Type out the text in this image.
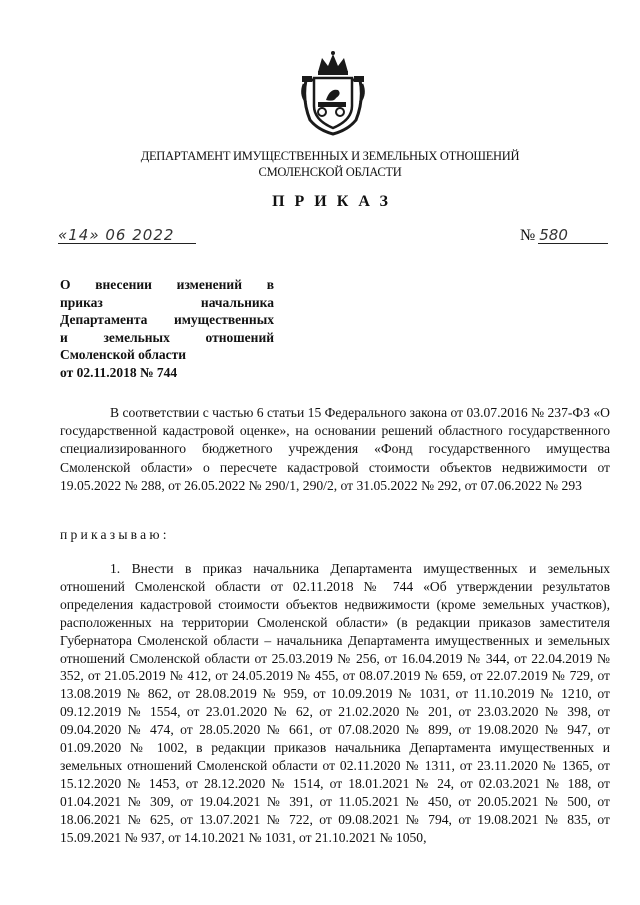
ДЕПАРТАМЕНТ ИМУЩЕСТВЕННЫХ И ЗЕМЕЛЬНЫХ ОТНОШЕНИЙ
СМОЛЕНСКОЙ ОБЛАСТИ
ПРИКАЗ
«14» 06 2022	№ 580
О внесении изменений в
приказ начальника
Департамента имущественных
и земельных отношений
Смоленской области
от 02.11.2018 № 744
В соответствии с частью 6 статьи 15 Федерального закона от 03.07.2016 № 237-ФЗ «О государственной кадастровой оценке», на основании решений областного государственного специализированного бюджетного учреждения «Фонд государственного имущества Смоленской области» о пересчете кадастровой стоимости объектов недвижимости от 19.05.2022 № 288, от 26.05.2022 № 290/1, 290/2, от 31.05.2022 № 292, от 07.06.2022 № 293
приказываю:
1. Внести в приказ начальника Департамента имущественных и земельных отношений Смоленской области от 02.11.2018 № 744 «Об утверждении результатов определения кадастровой стоимости объектов недвижимости (кроме земельных участков), расположенных на территории Смоленской области» (в редакции приказов заместителя Губернатора Смоленской области – начальника Департамента имущественных и земельных отношений Смоленской области от 25.03.2019 № 256, от 16.04.2019 № 344, от 22.04.2019 № 352, от 21.05.2019 № 412, от 24.05.2019 № 455, от 08.07.2019 № 659, от 22.07.2019 № 729, от 13.08.2019 № 862, от 28.08.2019 № 959, от 10.09.2019 № 1031, от 11.10.2019 № 1210, от 09.12.2019 № 1554, от 23.01.2020 № 62, от 21.02.2020 № 201, от 23.03.2020 № 398, от 09.04.2020 № 474, от 28.05.2020 № 661, от 07.08.2020 № 899, от 19.08.2020 № 947, от 01.09.2020 № 1002, в редакции приказов начальника Департамента имущественных и земельных отношений Смоленской области от 02.11.2020 № 1311, от 23.11.2020 № 1365, от 15.12.2020 № 1453, от 28.12.2020 № 1514, от 18.01.2021 № 24, от 02.03.2021 № 188, от 01.04.2021 № 309, от 19.04.2021 № 391, от 11.05.2021 № 450, от 20.05.2021 № 500, от 18.06.2021 № 625, от 13.07.2021 № 722, от 09.08.2021 № 794, от 19.08.2021 № 835, от 15.09.2021 № 937, от 14.10.2021 № 1031, от 21.10.2021 № 1050,
